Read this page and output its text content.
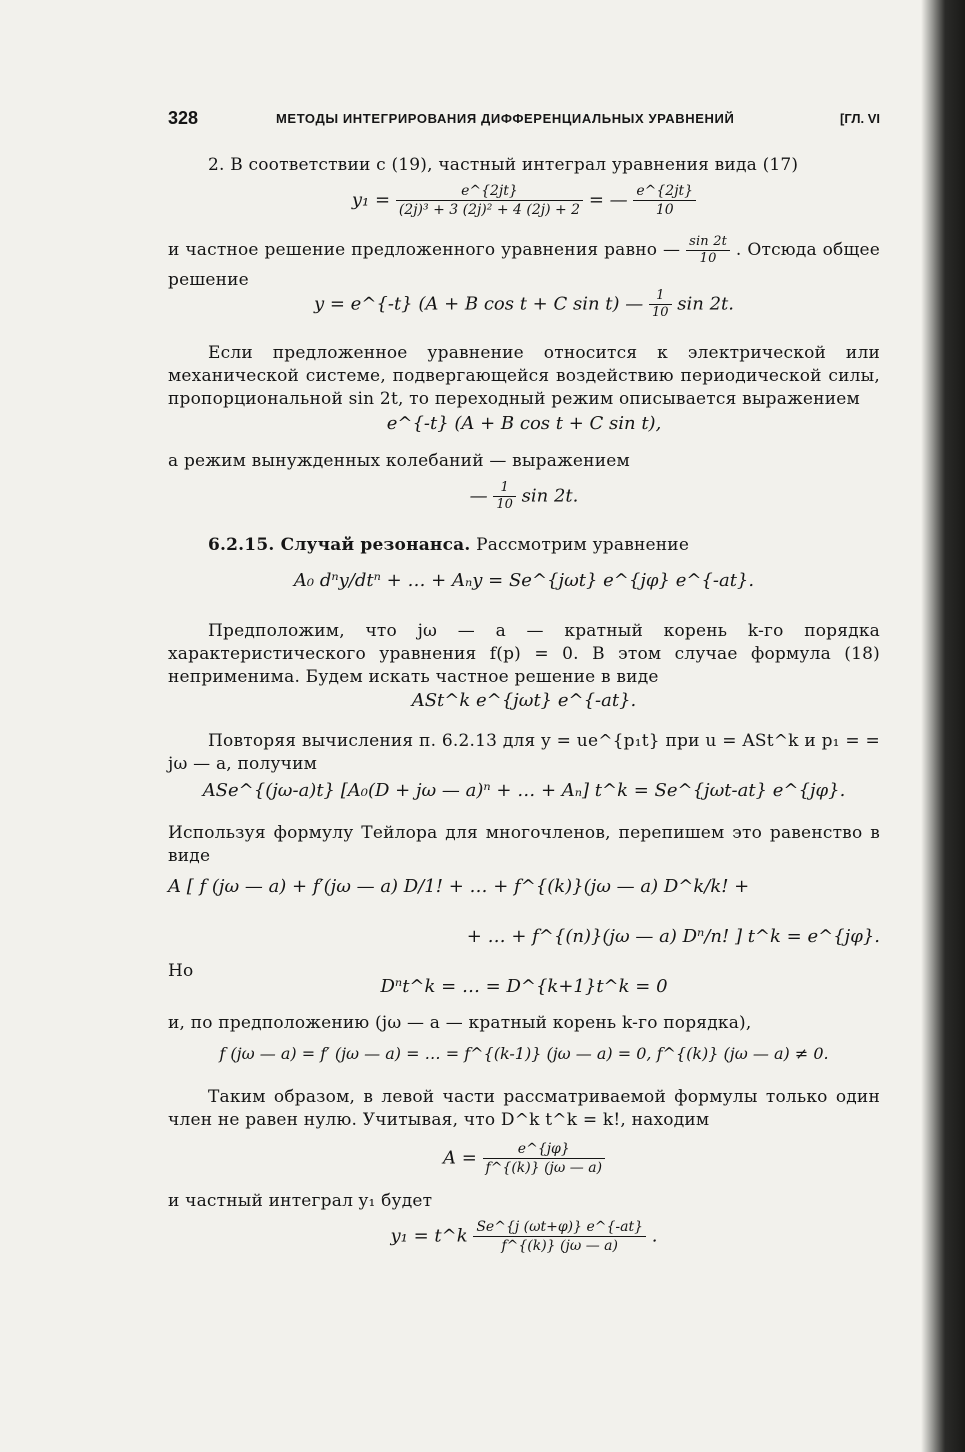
328	МЕТОДЫ ИНТЕГРИРОВАНИЯ ДИФФЕРЕНЦИАЛЬНЫХ УРАВНЕНИЙ	[ГЛ. VI
2. В соответствии с (19), частный интеграл уравнения вида (17)
$y_1 = \frac{e\^{}\{2jt\}}{\text{(2j)³ + 3 (2j)² + 4 (2j) + 2}}$ = — $\frac{e\^{}\{2jt\}}{10}$
и частное решение предложенного уравнения равно — $\frac{\sin 2t}{10}$ . Отсюда общее решение
y = e^{-t} (A + B cos t + C sin t) — $\frac{1}{10}$ sin 2t.
Если предложенное уравнение относится к электрической или механической системе, подвергающейся воздействию периодической силы, пропорциональной sin 2t, то переходный режим описывается выражением
e^{-t} (A + B cos t + C sin t),
а режим вынужденных колебаний — выражением
— $\frac{1}{10}$ sin 2t.
6.2.15. Случай резонанса. Рассмотрим уравнение
A₀ dⁿy/dtⁿ + … + Aₙy = Se^{jωt} e^{jφ} e^{-at}.
Предположим, что jω — a — кратный корень k-го порядка характеристического уравнения f(p) = 0. В этом случае формула (18) неприменима. Будем искать частное решение в виде
ASt^k e^{jωt} e^{-at}.
Повторяя вычисления п. 6.2.13 для y = ue^{p₁t} при u = ASt^k и p₁ = = jω — a, получим
ASe^{(jω-a)t} [A₀(D + jω — a)ⁿ + … + Aₙ] t^k = Se^{jωt-at} e^{jφ}.
Используя формулу Тейлора для многочленов, перепишем это равенство в виде
A [ f (jω — a) + f′(jω — a) D/1! + … + f^{(k)}(jω — a) D^k/k! +
+ … + f^{(n)}(jω — a) Dⁿ/n! ] t^k = e^{jφ}.
Но
Dⁿt^k = … = D^{k+1}t^k = 0
и, по предположению (jω — a — кратный корень k-го порядка),
f (jω — a) = f′ (jω — a) = … = f^{(k-1)} (jω — a) = 0, f^{(k)} (jω — a) ≠ 0.
Таким образом, в левой части рассматриваемой формулы только один член не равен нулю. Учитывая, что D^k t^k = k!, находим
$A = \frac{e\^{}\{j\varphi\}}{f\^{}\{(k)\} (j\omega — a)}$
и частный интеграл y₁ будет
y₁ = t^k $\frac{Se\^{}\{j (\omega t+\varphi)\} e\^{}\{-at\}}{f\^{}\{(k)\} (j\omega — a)}$ .
